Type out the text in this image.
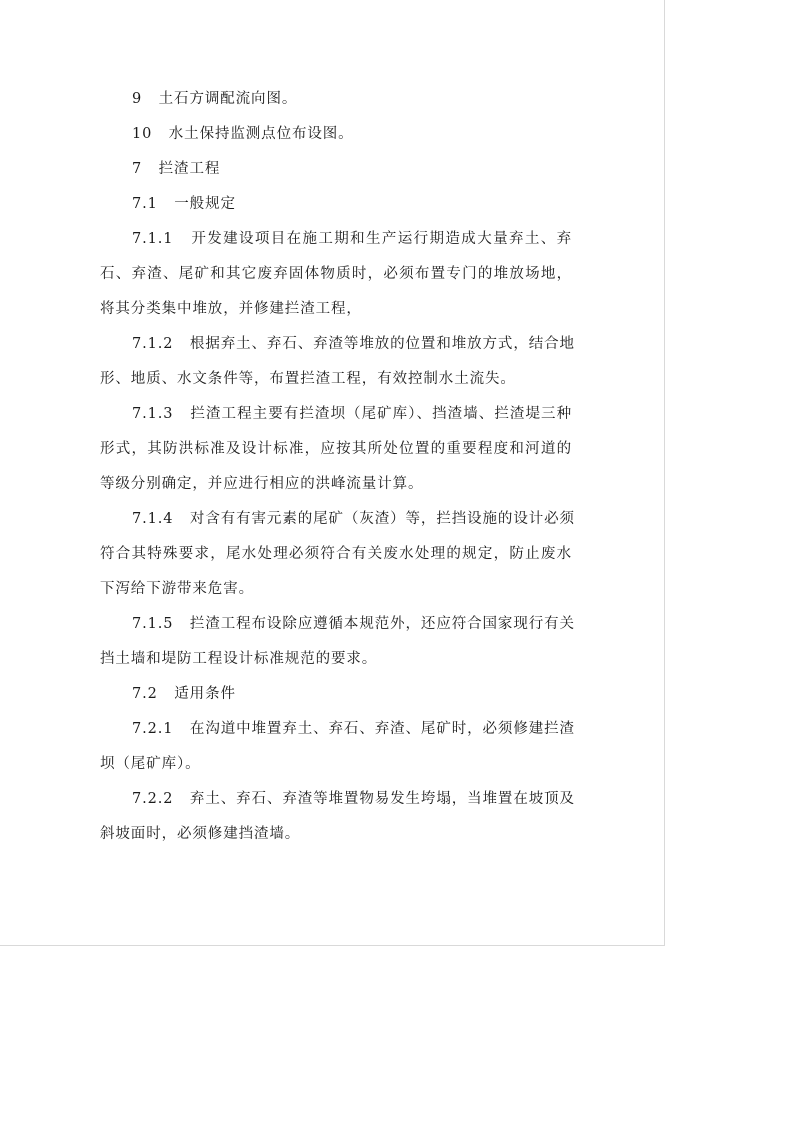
9   土石方调配流向图。
10   水土保持监测点位布设图。
7   拦渣工程
7.1   一般规定
7.1.1   开发建设项目在施工期和生产运行期造成大量弃土、弃
石、弃渣、尾矿和其它废弃固体物质时，必须布置专门的堆放场地，
将其分类集中堆放，并修建拦渣工程，
7.1.2   根据弃土、弃石、弃渣等堆放的位置和堆放方式，结合地
形、地质、水文条件等，布置拦渣工程，有效控制水土流失。
7.1.3   拦渣工程主要有拦渣坝（尾矿库）、挡渣墙、拦渣堤三种
形式，其防洪标准及设计标准，应按其所处位置的重要程度和河道的
等级分别确定，并应进行相应的洪峰流量计算。
7.1.4   对含有有害元素的尾矿（灰渣）等，拦挡设施的设计必须
符合其特殊要求，尾水处理必须符合有关废水处理的规定，防止废水
下泻给下游带来危害。
7.1.5   拦渣工程布设除应遵循本规范外，还应符合国家现行有关
挡土墙和堤防工程设计标准规范的要求。
7.2   适用条件
7.2.1   在沟道中堆置弃土、弃石、弃渣、尾矿时，必须修建拦渣
坝（尾矿库）。
7.2.2   弃土、弃石、弃渣等堆置物易发生垮塌，当堆置在坡顶及
斜坡面时，必须修建挡渣墙。
